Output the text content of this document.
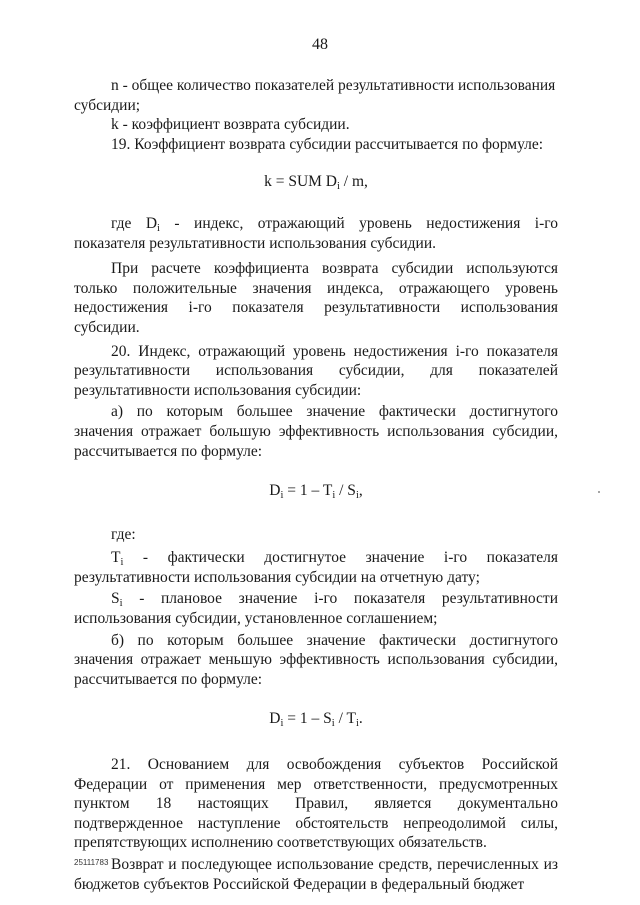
48

n - общее количество показателей результативности использования

субсидии;

k - коэффициент возврата субсидии.

19. Коэффициент возврата субсидии рассчитывается по формуле:

k = SUM $D_i$ / m,

где $D_i$ - индекс, отражающий уровень недостижения i-го показателя результативности использования субсидии.

При расчете коэффициента возврата субсидии используются только положительные значения индекса, отражающего уровень недостижения i-го показателя результативности использования субсидии.

20. Индекс, отражающий уровень недостижения i-го показателя результативности использования субсидии, для показателей результативности использования субсидии:

а) по которым большее значение фактически достигнутого значения отражает большую эффективность использования субсидии, рассчитывается по формуле:

$D_i = 1 - T_i / S_i$,

где:

$T_i$ - фактически достигнутое значение i-го показателя результативности использования субсидии на отчетную дату;

$S_i$ - плановое значение i-го показателя результативности использования субсидии, установленное соглашением;

б) по которым большее значение фактически достигнутого значения отражает меньшую эффективность использования субсидии, рассчитывается по формуле:

$D_i = 1 - S_i / T_i$.

21. Основанием для освобождения субъектов Российской Федерации от применения мер ответственности, предусмотренных пунктом 18 настоящих Правил, является документально подтвержденное наступление обстоятельств непреодолимой силы, препятствующих исполнению соответствующих обязательств.

Возврат и последующее использование средств, перечисленных из бюджетов субъектов Российской Федерации в федеральный бюджет

25111783
